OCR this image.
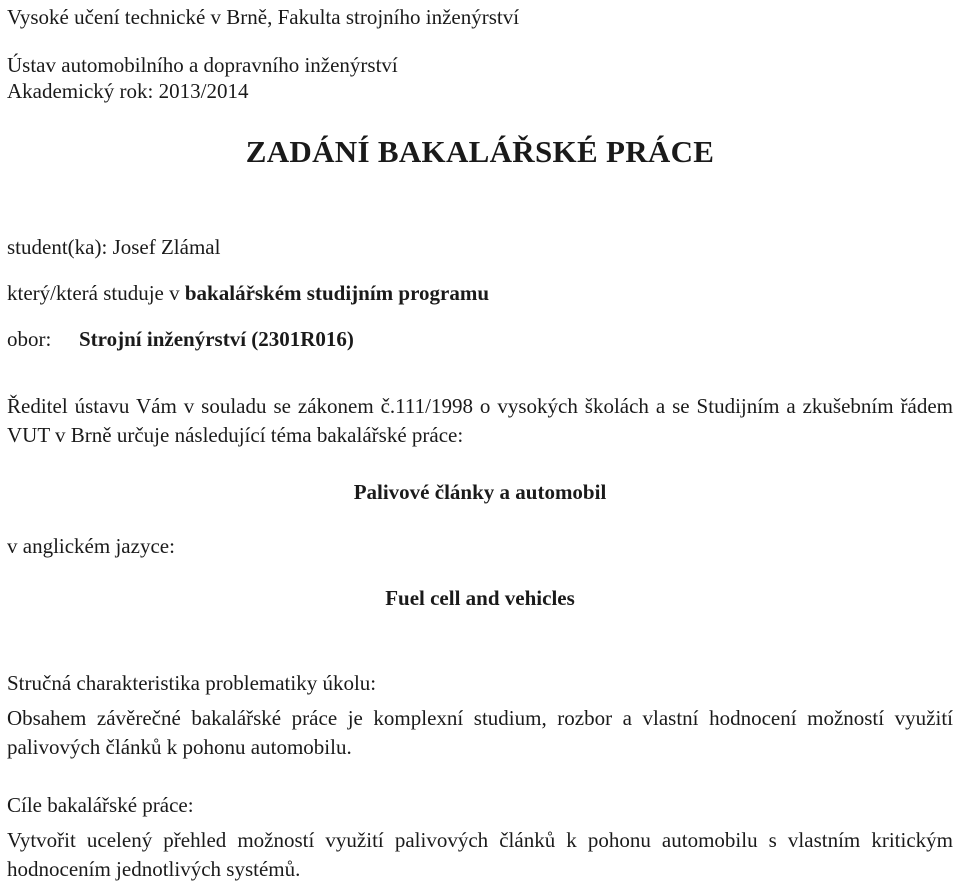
Vysoké učení technické v Brně, Fakulta strojního inženýrství
Ústav automobilního a dopravního inženýrství
Akademický rok: 2013/2014
ZADÁNÍ BAKALÁŘSKÉ PRÁCE
student(ka): Josef Zlámal
který/která studuje v bakalářském studijním programu
obor: Strojní inženýrství (2301R016)
Ředitel ústavu Vám v souladu se zákonem č.111/1998 o vysokých školách a se Studijním a zkušebním řádem VUT v Brně určuje následující téma bakalářské práce:
Palivové články a automobil
v anglickém jazyce:
Fuel cell and vehicles
Stručná charakteristika problematiky úkolu:
Obsahem závěrečné bakalářské práce je komplexní studium, rozbor a vlastní hodnocení možností využití palivových článků k pohonu automobilu.
Cíle bakalářské práce:
Vytvořit ucelený přehled možností využití palivových článků k pohonu automobilu s vlastním kritickým hodnocením jednotlivých systémů.
